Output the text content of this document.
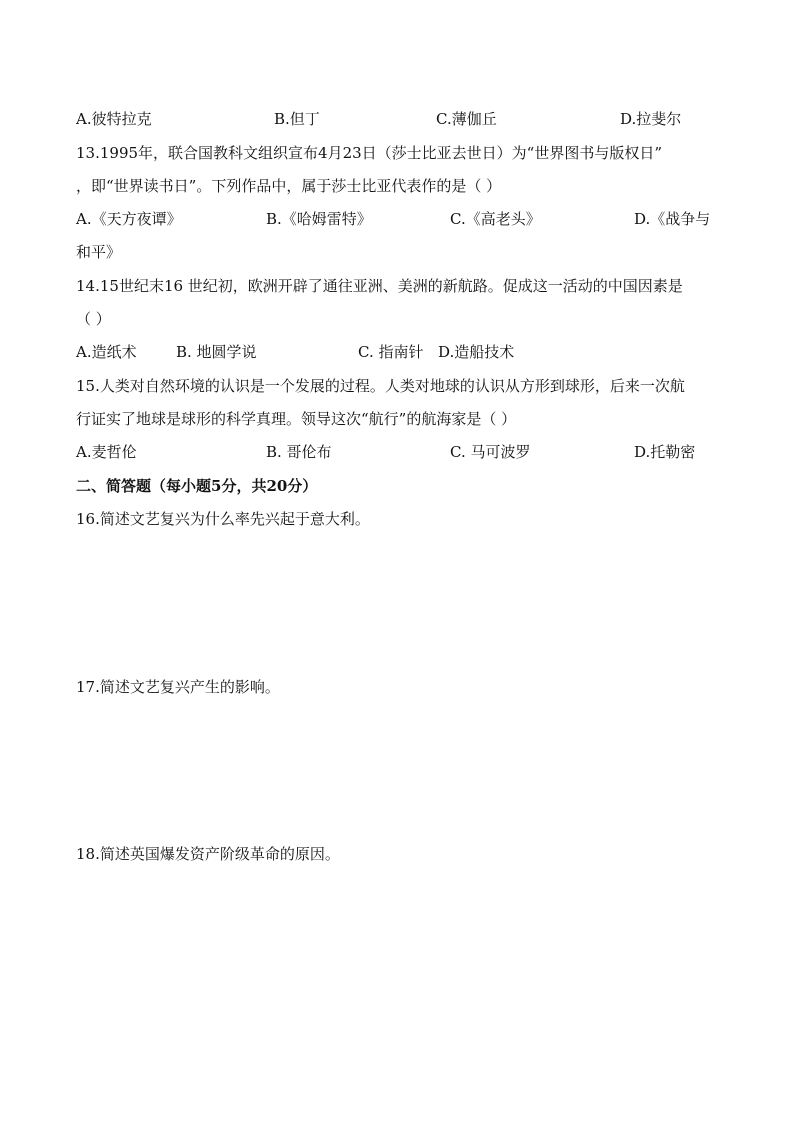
A.彼特拉克	B.但丁	C.薄伽丘	D.拉斐尔
13.1995年，联合国教科文组织宣布4月23日（莎士比亚去世日）为“世界图书与版权日”
，即“世界读书日”。下列作品中，属于莎士比亚代表作的是（ ）
A.《天方夜谭》	B.《哈姆雷特》	C.《高老头》	D.《战争与
和平》
14.15世纪末16 世纪初，欧洲开辟了通往亚洲、美洲的新航路。促成这一活动的中国因素是
（ ）
A.造纸术	B. 地圆学说	C. 指南针 D.造船技术
15.人类对自然环境的认识是一个发展的过程。人类对地球的认识从方形到球形，后来一次航
行证实了地球是球形的科学真理。领导这次“航行”的航海家是（ ）
A.麦哲伦	B. 哥伦布	C. 马可波罗	D.托勒密
二、简答题（每小题5分，共20分）
16.简述文艺复兴为什么率先兴起于意大利。
17.简述文艺复兴产生的影响。
18.简述英国爆发资产阶级革命的原因。
